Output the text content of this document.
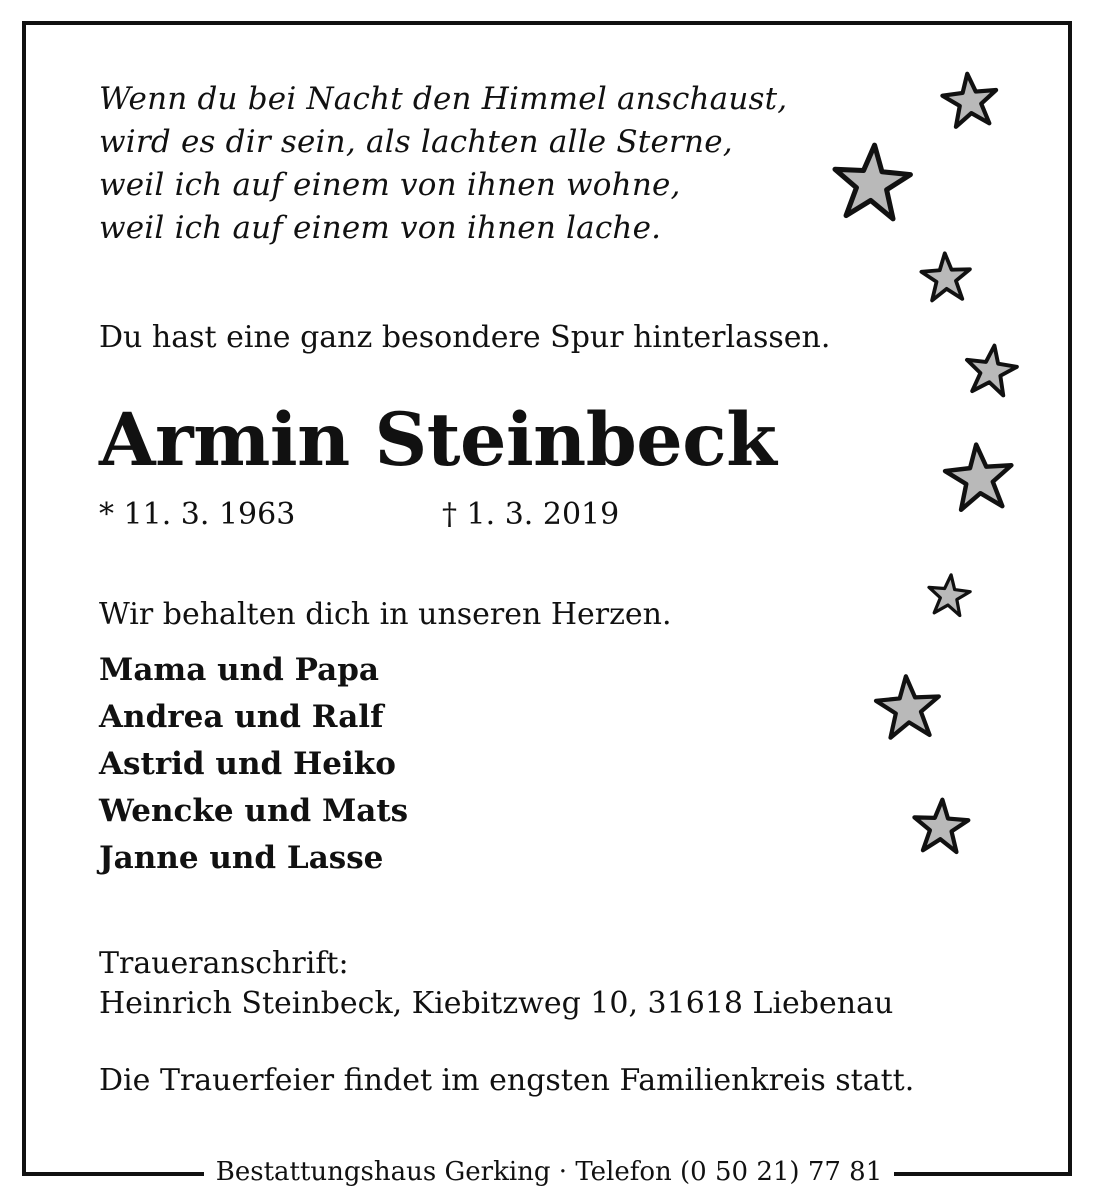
Wenn du bei Nacht den Himmel anschaust,
wird es dir sein, als lachten alle Sterne,
weil ich auf einem von ihnen wohne,
weil ich auf einem von ihnen lache.
Du hast eine ganz besondere Spur hinterlassen.
Armin Steinbeck
* 11. 3. 1963	† 1. 3. 2019
Wir behalten dich in unseren Herzen.
Mama und Papa
Andrea und Ralf
Astrid und Heiko
Wencke und Mats
Janne und Lasse
Traueranschrift:
Heinrich Steinbeck, Kiebitzweg 10, 31618 Liebenau
Die Trauerfeier findet im engsten Familienkreis statt.
Bestattungshaus Gerking · Telefon (0 50 21) 77 81
